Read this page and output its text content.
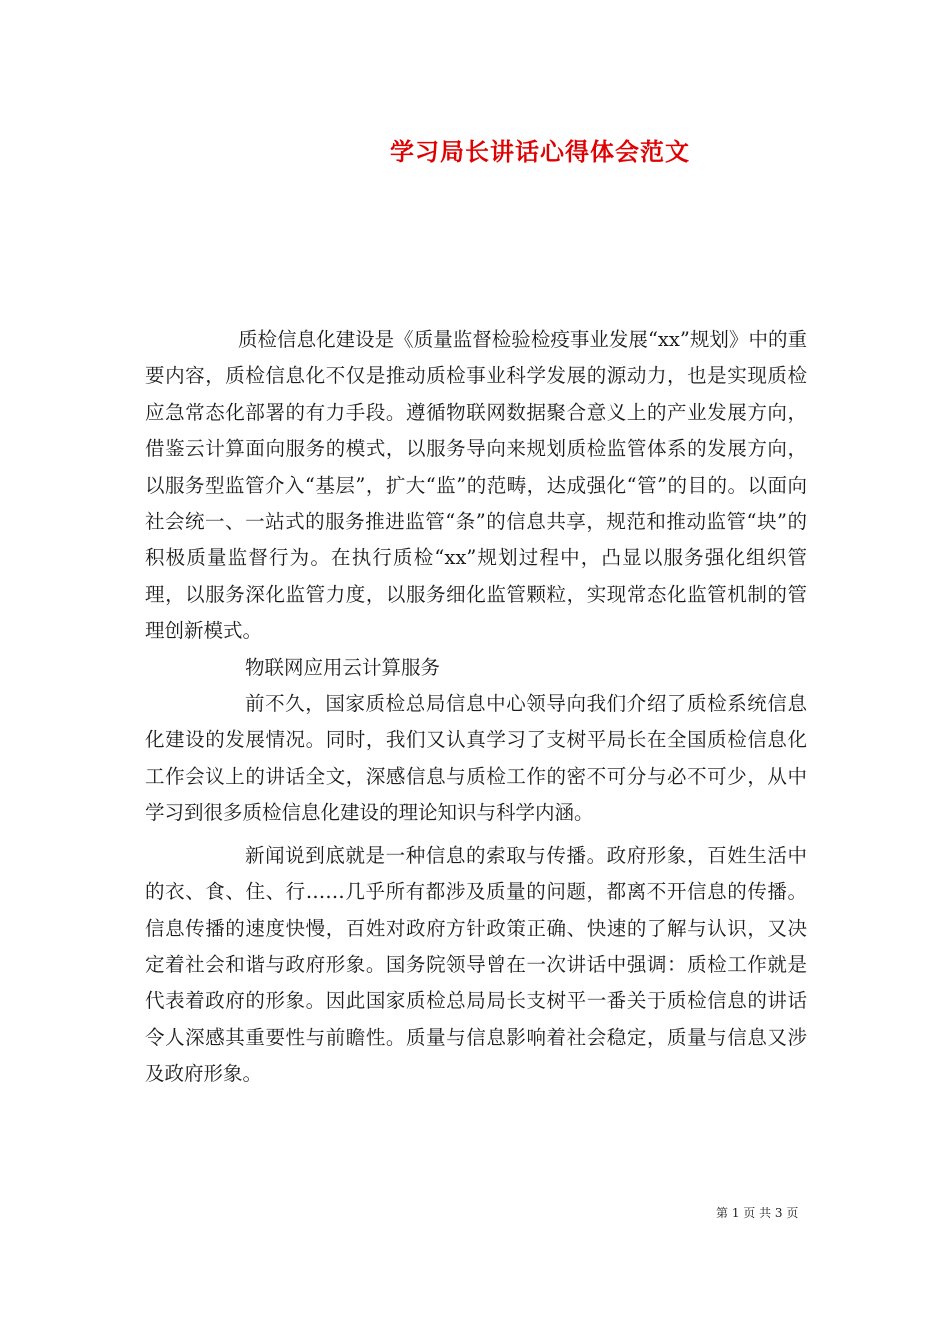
学习局长讲话心得体会范文

质检信息化建设是《质量监督检验检疫事业发展“xx”规划》中的重要内容，质检信息化不仅是推动质检事业科学发展的源动力，也是实现质检应急常态化部署的有力手段。遵循物联网数据聚合意义上的产业发展方向，借鉴云计算面向服务的模式，以服务导向来规划质检监管体系的发展方向，以服务型监管介入“基层”，扩大“监”的范畴，达成强化“管”的目的。以面向社会统一、一站式的服务推进监管“条”的信息共享，规范和推动监管“块”的积极质量监督行为。在执行质检“xx”规划过程中，凸显以服务强化组织管理，以服务深化监管力度，以服务细化监管颗粒，实现常态化监管机制的管理创新模式。

物联网应用云计算服务

前不久，国家质检总局信息中心领导向我们介绍了质检系统信息化建设的发展情况。同时，我们又认真学习了支树平局长在全国质检信息化工作会议上的讲话全文，深感信息与质检工作的密不可分与必不可少，从中学习到很多质检信息化建设的理论知识与科学内涵。

新闻说到底就是一种信息的索取与传播。政府形象，百姓生活中的衣、食、住、行……几乎所有都涉及质量的问题，都离不开信息的传播。信息传播的速度快慢，百姓对政府方针政策正确、快速的了解与认识，又决定着社会和谐与政府形象。国务院领导曾在一次讲话中强调：质检工作就是代表着政府的形象。因此国家质检总局局长支树平一番关于质检信息的讲话令人深感其重要性与前瞻性。质量与信息影响着社会稳定，质量与信息又涉及政府形象。

第 1 页 共 3 页
